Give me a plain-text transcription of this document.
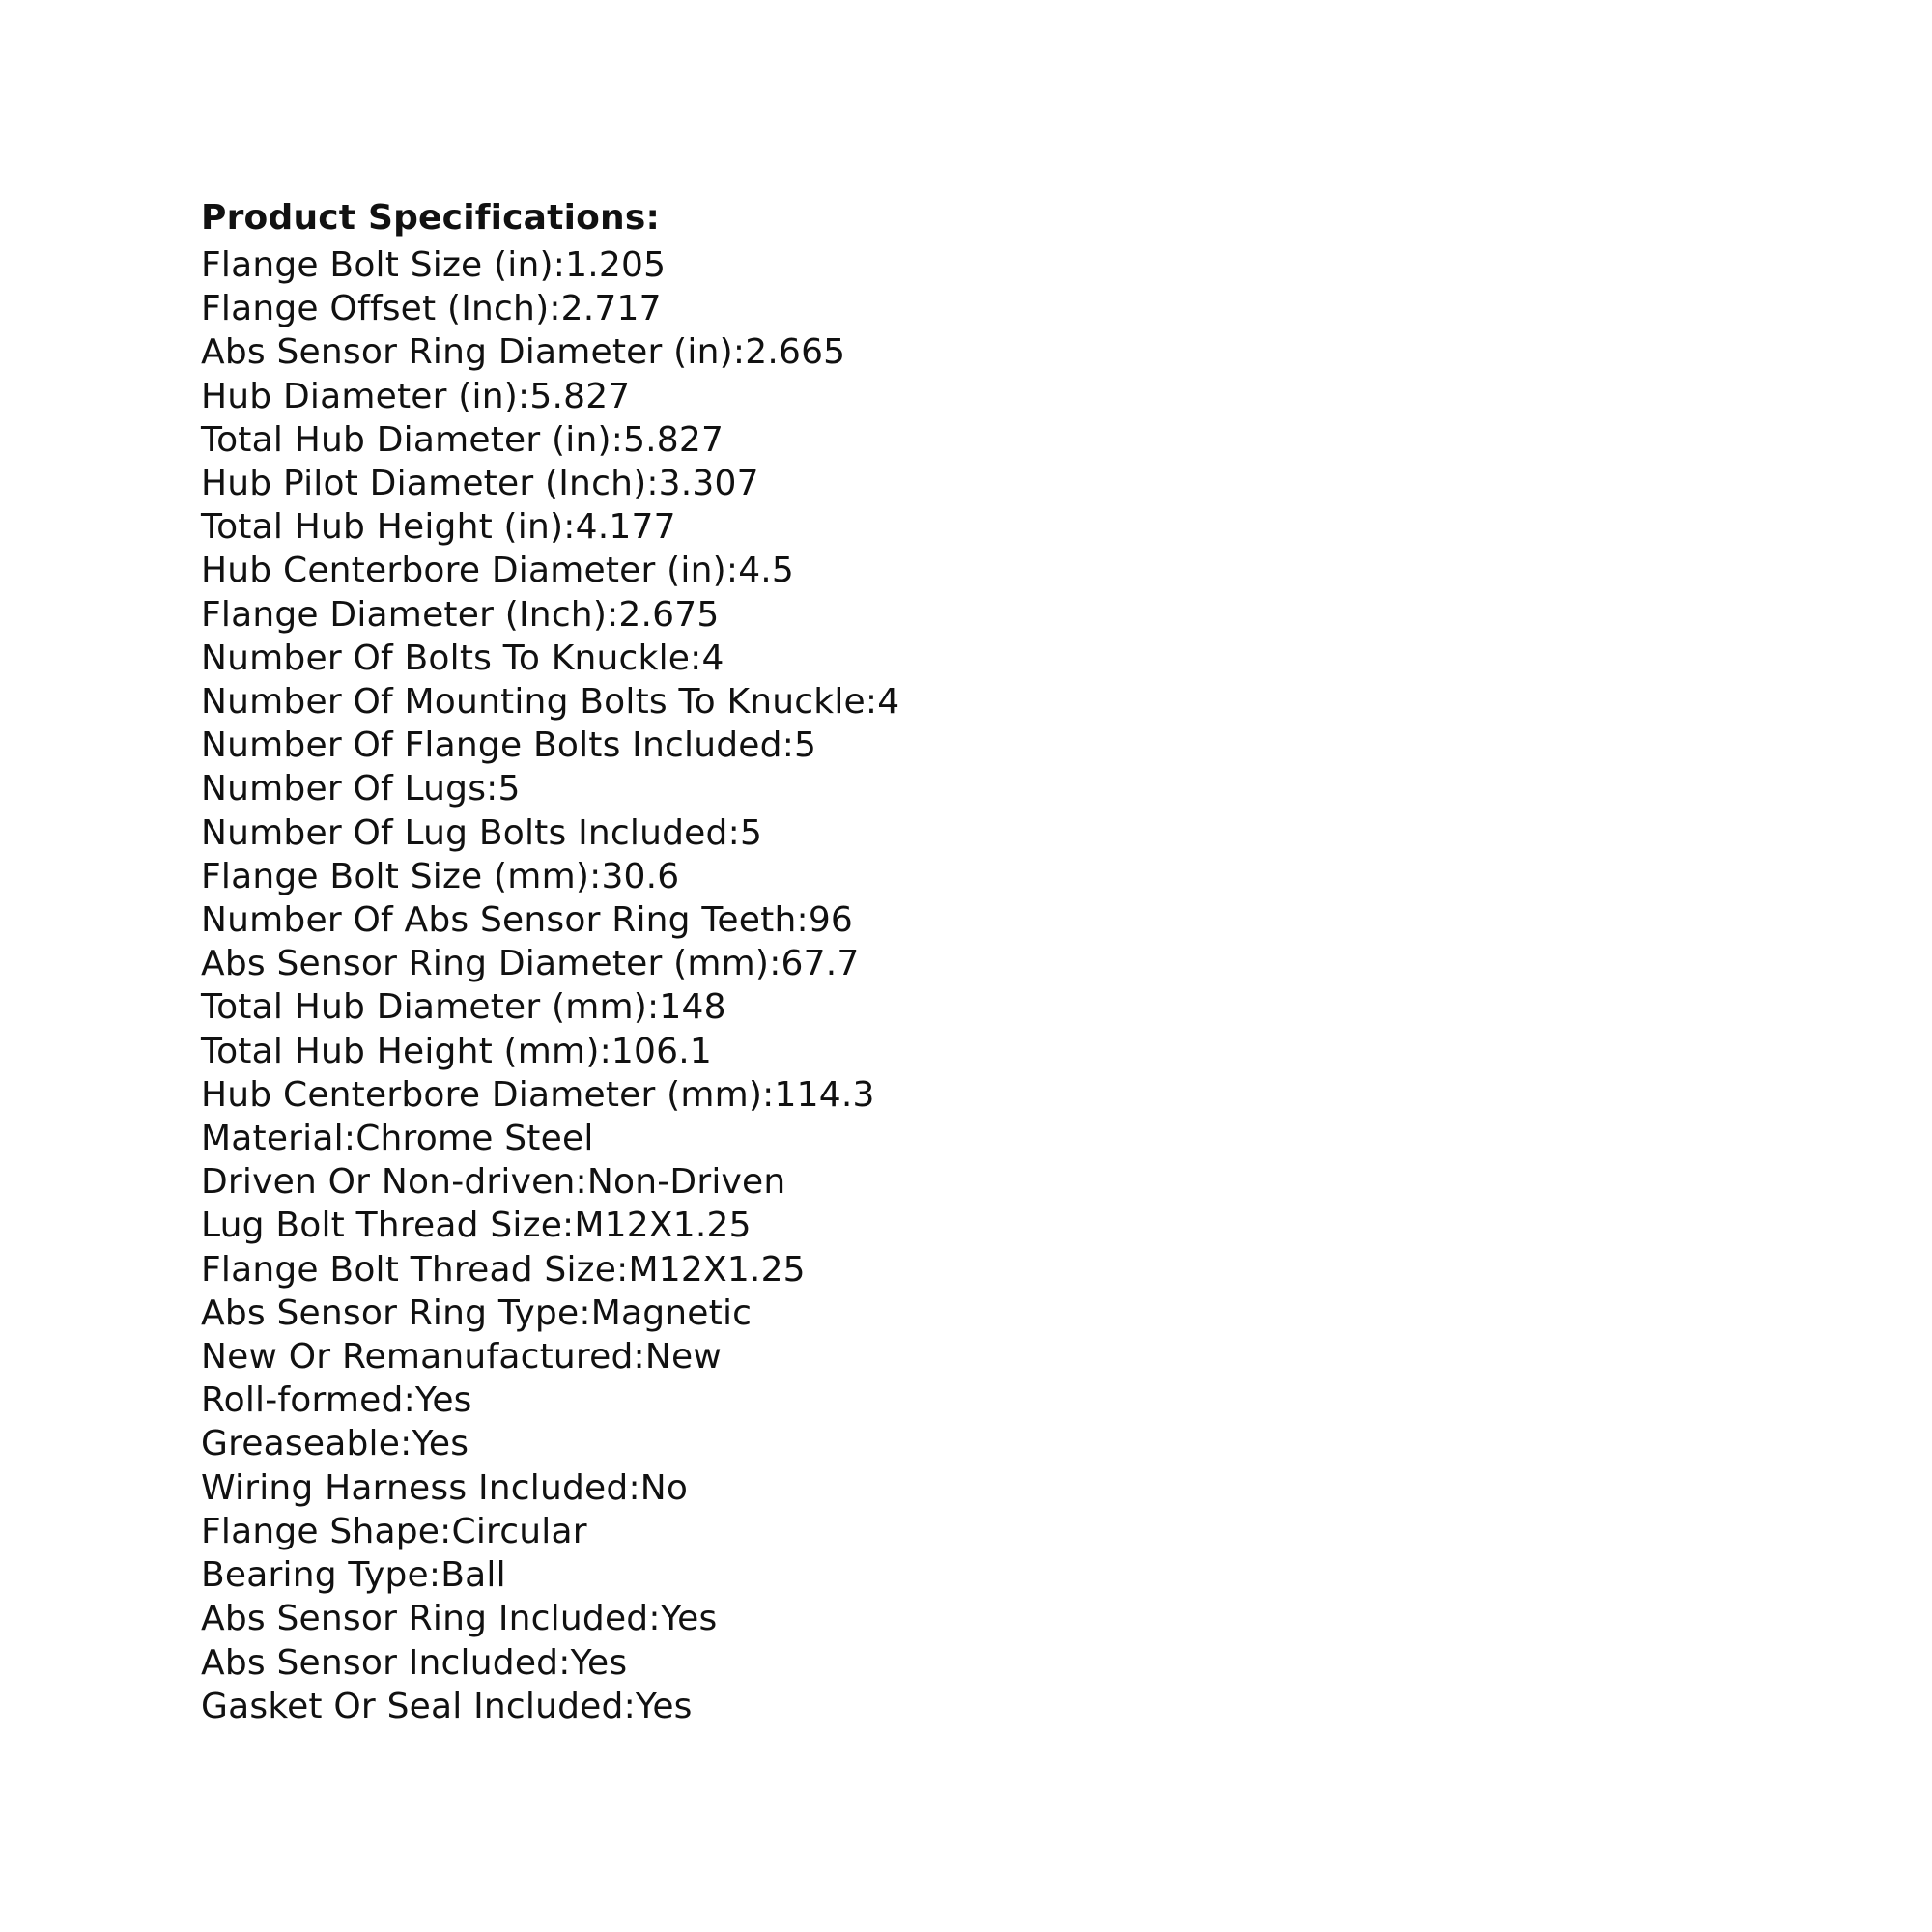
Product Specifications:
Flange Bolt Size (in):1.205
Flange Offset (Inch):2.717
Abs Sensor Ring Diameter (in):2.665
Hub Diameter (in):5.827
Total Hub Diameter (in):5.827
Hub Pilot Diameter (Inch):3.307
Total Hub Height (in):4.177
Hub Centerbore Diameter (in):4.5
Flange Diameter (Inch):2.675
Number Of Bolts To Knuckle:4
Number Of Mounting Bolts To Knuckle:4
Number Of Flange Bolts Included:5
Number Of Lugs:5
Number Of Lug Bolts Included:5
Flange Bolt Size (mm):30.6
Number Of Abs Sensor Ring Teeth:96
Abs Sensor Ring Diameter (mm):67.7
Total Hub Diameter (mm):148
Total Hub Height (mm):106.1
Hub Centerbore Diameter (mm):114.3
Material:Chrome Steel
Driven Or Non-driven:Non-Driven
Lug Bolt Thread Size:M12X1.25
Flange Bolt Thread Size:M12X1.25
Abs Sensor Ring Type:Magnetic
New Or Remanufactured:New
Roll-formed:Yes
Greaseable:Yes
Wiring Harness Included:No
Flange Shape:Circular
Bearing Type:Ball
Abs Sensor Ring Included:Yes
Abs Sensor Included:Yes
Gasket Or Seal Included:Yes
